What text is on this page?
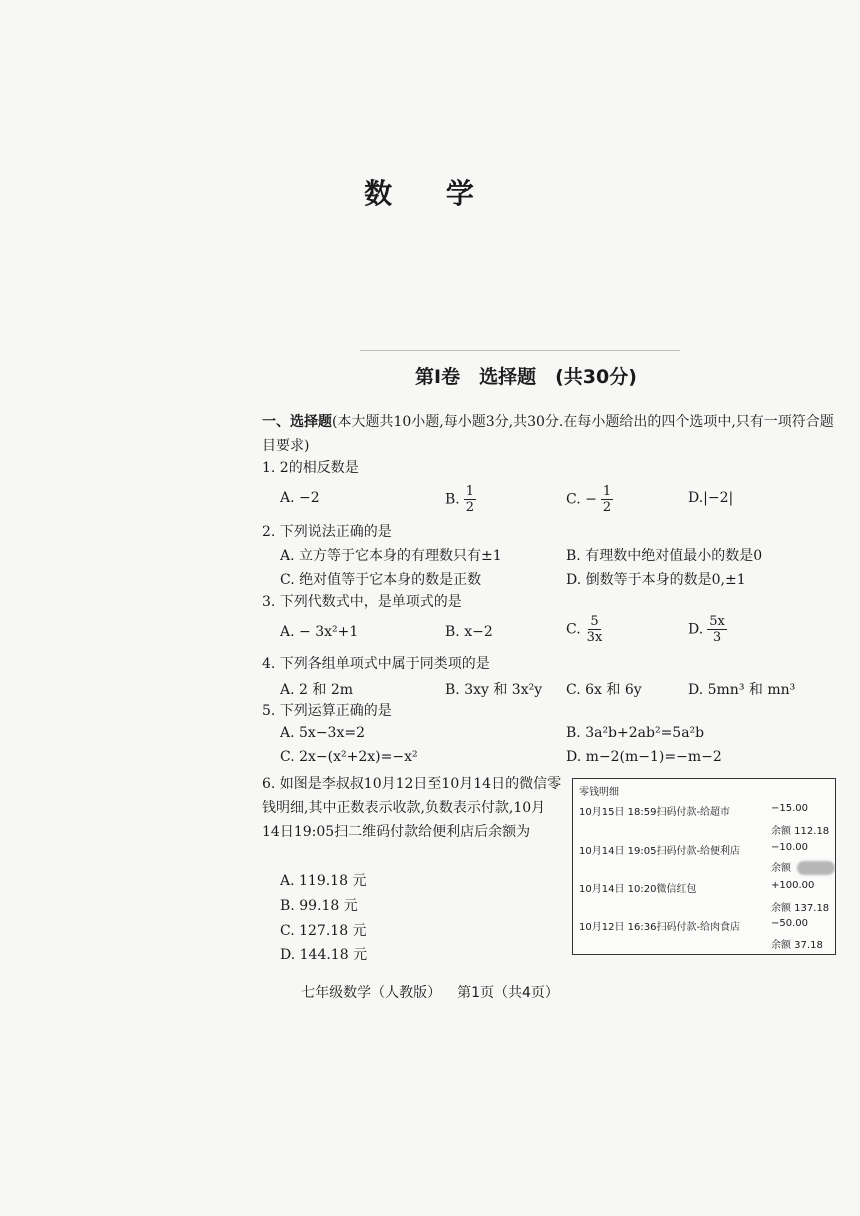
数 学
第Ⅰ卷　选择题　(共30分)
一、选择题(本大题共10小题,每小题3分,共30分.在每小题给出的四个选项中,只有一项符合题目要求)
1. 2的相反数是
A. −2	B. $\frac{1}{2}$	C. − $\frac{1}{2}$	D.|−2|
2. 下列说法正确的是
A. 立方等于它本身的有理数只有±1	B. 有理数中绝对值最小的数是0
C. 绝对值等于它本身的数是正数	D. 倒数等于本身的数是0,±1
3. 下列代数式中，是单项式的是
A. − 3x²+1	B. x−2	C. $\frac{5}{3x}$	D. $\frac{5x}{3}$
4. 下列各组单项式中属于同类项的是
A. 2 和 2m	B. 3xy 和 3x²y C. 6x 和 6y	D. 5mn³ 和 mn³
5. 下列运算正确的是
A. 5x−3x=2	B. 3a²b+2ab²=5a²b
C. 2x−(x²+2x)=−x²	D. m−2(m−1)=−m−2
6. 如图是李叔叔10月12日至10月14日的微信零钱明细,其中正数表示收款,负数表示付款,10月14日19:05扫二维码付款给便利店后余额为
A. 119.18 元
B. 99.18 元
C. 127.18 元
D. 144.18 元
零钱明细
10月15日 18:59扫码付款-给超市	−15.00
余额 112.18
10月14日 19:05扫码付款-给便利店	−10.00
余额
10月14日 10:20微信红包	+100.00
余额 137.18
10月12日 16:36扫码付款-给肉食店	−50.00
余额 37.18
七年级数学（人教版） 第1页（共4页）
